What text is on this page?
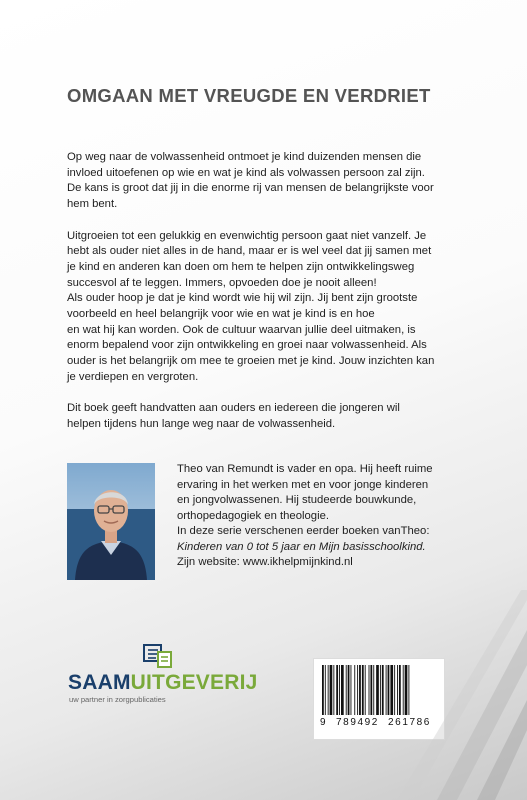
OMGAAN MET VREUGDE EN VERDRIET

Op weg naar de volwassenheid ontmoet je kind duizenden mensen die
invloed uitoefenen op wie en wat je kind als volwassen persoon zal zijn.
De kans is groot dat jij in die enorme rij van mensen de belangrijkste voor
hem bent.

Uitgroeien tot een gelukkig en evenwichtig persoon gaat niet vanzelf. Je
hebt als ouder niet alles in de hand, maar er is wel veel dat jij samen met
je kind en anderen kan doen om hem te helpen zijn ontwikkelingsweg
succesvol af te leggen. Immers, opvoeden doe je nooit alleen!
Als ouder hoop je dat je kind wordt wie hij wil zijn. Jij bent zijn grootste
voorbeeld en heel belangrijk voor wie en wat je kind is en hoe
en wat hij kan worden. Ook de cultuur waarvan jullie deel uitmaken, is
enorm bepalend voor zijn ontwikkeling en groei naar volwassenheid. Als
ouder is het belangrijk om mee te groeien met je kind. Jouw inzichten kan
je verdiepen en vergroten.

Dit boek geeft handvatten aan ouders en iedereen die jongeren wil
helpen tijdens hun lange weg naar de volwassenheid.

Theo van Remundt is vader en opa. Hij heeft ruime
ervaring in het werken met en voor jonge kinderen
en jongvolwassenen. Hij studeerde bouwkunde,
orthopedagogiek en theologie.
In deze serie verschenen eerder boeken vanTheo:
Kinderen van 0 tot 5 jaar en Mijn basisschoolkind.
Zijn website: www.ikhelpmijnkind.nl
SAAMUITGEVERIJ
uw partner in zorgpublicaties
9 789492 261786
